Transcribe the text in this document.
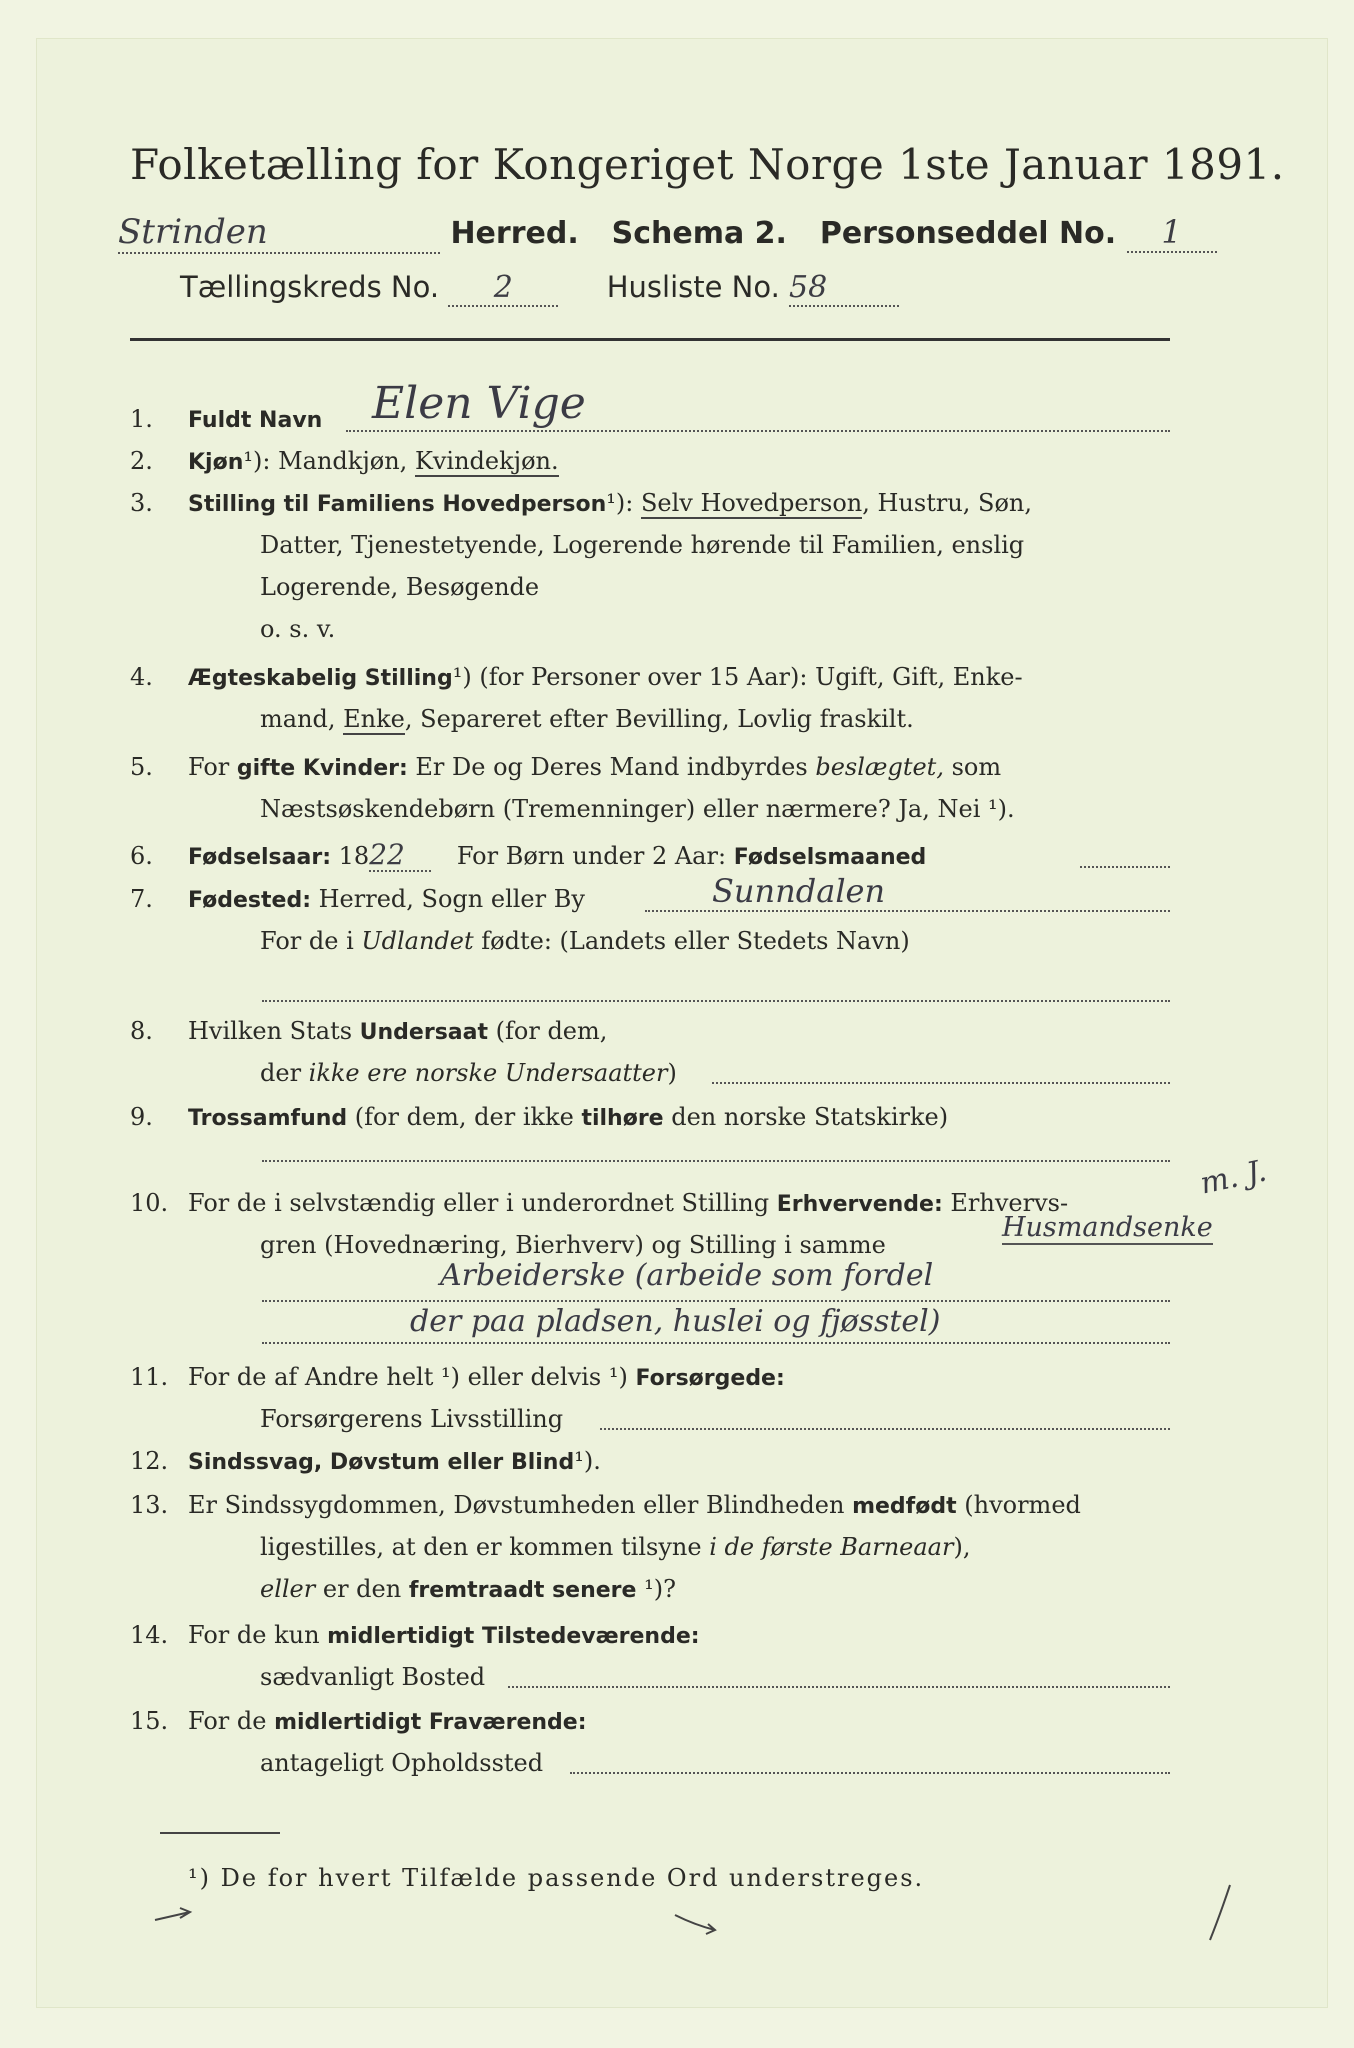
Folketælling for Kongeriget Norge 1ste Januar 1891.
Strinden	Herred. Schema 2. Personseddel No. 1
Tællingskreds No. 2	Husliste No. 58
1. Fuldt Navn	Elen Vige
2. Kjøn¹): Mandkjøn, Kvindekjøn.
3. Stilling til Familiens Hovedperson¹): Selv Hovedperson, Hustru, Søn,
Datter, Tjenestetyende, Logerende hørende til Familien, enslig
Logerende, Besøgende
o. s. v.
4. Ægteskabelig Stilling¹) (for Personer over 15 Aar): Ugift, Gift, Enke-
mand, Enke, Separeret efter Bevilling, Lovlig fraskilt.
5. For gifte Kvinder: Er De og Deres Mand indbyrdes beslægtet, som
Næstsøskendebørn (Tremenninger) eller nærmere? Ja, Nei ¹).
6. Fødselsaar: 1822 For Børn under 2 Aar: Fødselsmaaned
7. Fødested: Herred, Sogn eller By	Sunndalen
For de i Udlandet fødte: (Landets eller Stedets Navn)
8. Hvilken Stats Undersaat (for dem,
der ikke ere norske Undersaatter)
9. Trossamfund (for dem, der ikke tilhøre den norske Statskirke)
10. For de i selvstændig eller i underordnet Stilling Erhvervende: Erhvervs-
gren (Hovednæring, Bierhverv) og Stilling i samme
m. J.
Husmandsenke
Arbeiderske (arbeide som fordel
der paa pladsen, huslei og fjøsstel)
11. For de af Andre helt ¹) eller delvis ¹) Forsørgede:
Forsørgerens Livsstilling
12. Sindssvag, Døvstum eller Blind¹).
13. Er Sindssygdommen, Døvstumheden eller Blindheden medfødt (hvormed
ligestilles, at den er kommen tilsyne i de første Barneaar),
eller er den fremtraadt senere ¹)?
14. For de kun midlertidigt Tilstedeværende:
sædvanligt Bosted
15. For de midlertidigt Fraværende:
antageligt Opholdssted
¹) De for hvert Tilfælde passende Ord understreges.
